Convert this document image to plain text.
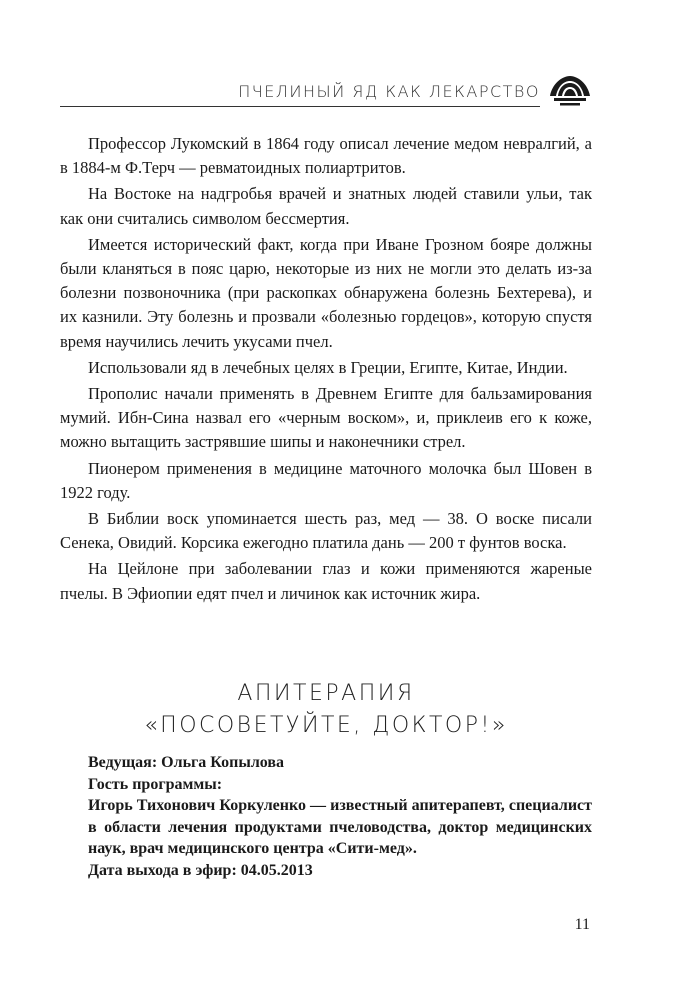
ПЧЕЛИНЫЙ ЯД КАК ЛЕКАРСТВО

Профессор Лукомский в 1864 году описал лечение медом невралгий, а в 1884-м Ф.Терч — ревматоидных полиартритов.

На Востоке на надгробья врачей и знатных людей ставили ульи, так как они считались символом бессмертия.

Имеется исторический факт, когда при Иване Грозном бояре должны были кланяться в пояс царю, некоторые из них не могли это делать из-за болезни позвоночника (при раскопках обнаружена болезнь Бехтерева), и их казнили. Эту болезнь и прозвали «болезнью гордецов», которую спустя время научились лечить укусами пчел.

Использовали яд в лечебных целях в Греции, Египте, Китае, Индии.

Прополис начали применять в Древнем Египте для бальзамирования мумий. Ибн-Сина назвал его «черным воском», и, приклеив его к коже, можно вытащить застрявшие шипы и наконечники стрел.

Пионером применения в медицине маточного молочка был Шовен в 1922 году.

В Библии воск упоминается шесть раз, мед — 38. О воске писали Сенека, Овидий. Корсика ежегодно платила дань — 200 т фунтов воска.

На Цейлоне при заболевании глаз и кожи применяются жареные пчелы. В Эфиопии едят пчел и личинок как источник жира.

АПИТЕРАПИЯ
«ПОСОВЕТУЙТЕ, ДОКТОР!»

Ведущая: Ольга Копылова

Гость программы:

Игорь Тихонович Коркуленко — известный апитерапевт, специалист в области лечения продуктами пчеловодства, доктор медицинских наук, врач медицинского центра «Сити-мед».

Дата выхода в эфир: 04.05.2013

11
